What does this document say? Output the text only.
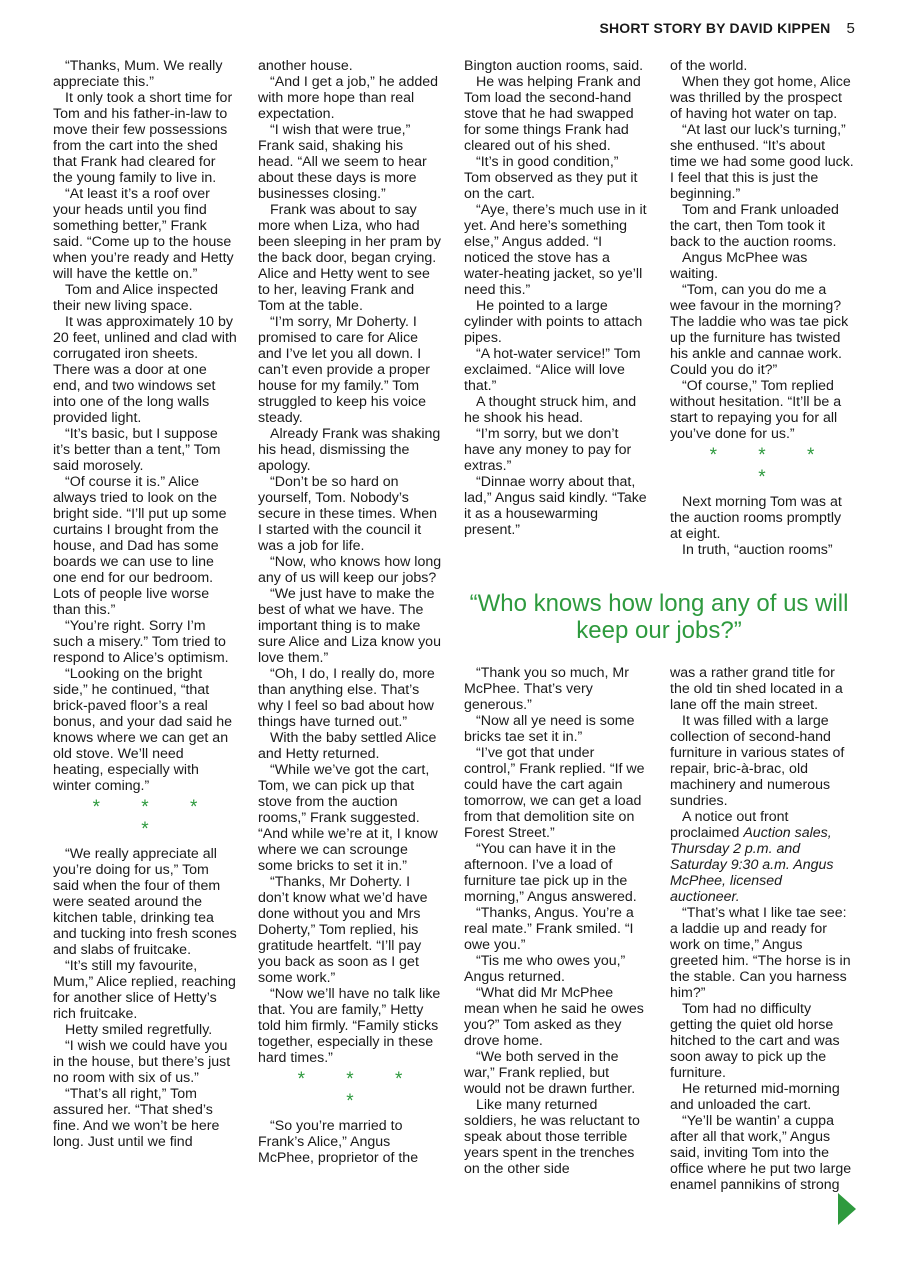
SHORT STORY BY DAVID KIPPEN 5

“Thanks, Mum. We really appreciate this.”

It only took a short time for Tom and his father-in-law to move their few possessions from the cart into the shed that Frank had cleared for the young family to live in.

“At least it’s a roof over your heads until you find something better,” Frank said. “Come up to the house when you’re ready and Hetty will have the kettle on.”

Tom and Alice inspected their new living space.

It was approximately 10 by 20 feet, unlined and clad with corrugated iron sheets. There was a door at one end, and two windows set into one of the long walls provided light.

“It’s basic, but I suppose it’s better than a tent,” Tom said morosely.

“Of course it is.” Alice always tried to look on the bright side. “I’ll put up some curtains I brought from the house, and Dad has some boards we can use to line one end for our bedroom. Lots of people live worse than this.”

“You’re right. Sorry I’m such a misery.” Tom tried to respond to Alice’s optimism.

“Looking on the bright side,” he continued, “that brick-paved floor’s a real bonus, and your dad said he knows where we can get an old stove. We’ll need heating, especially with winter coming.”

* * * *

“We really appreciate all you’re doing for us,” Tom said when the four of them were seated around the kitchen table, drinking tea and tucking into fresh scones and slabs of fruitcake.

“It’s still my favourite, Mum,” Alice replied, reaching for another slice of Hetty’s rich fruitcake.

Hetty smiled regretfully.

“I wish we could have you in the house, but there’s just no room with six of us.”

“That’s all right,” Tom assured her. “That shed’s fine. And we won’t be here long. Just until we find

another house.

“And I get a job,” he added with more hope than real expectation.

“I wish that were true,” Frank said, shaking his head. “All we seem to hear about these days is more businesses closing.”

Frank was about to say more when Liza, who had been sleeping in her pram by the back door, began crying. Alice and Hetty went to see to her, leaving Frank and Tom at the table.

“I’m sorry, Mr Doherty. I promised to care for Alice and I’ve let you all down. I can’t even provide a proper house for my family.” Tom struggled to keep his voice steady.

Already Frank was shaking his head, dismissing the apology.

“Don’t be so hard on yourself, Tom. Nobody’s secure in these times. When I started with the council it was a job for life.

“Now, who knows how long any of us will keep our jobs?

“We just have to make the best of what we have. The important thing is to make sure Alice and Liza know you love them.”

“Oh, I do, I really do, more than anything else. That’s why I feel so bad about how things have turned out.”

With the baby settled Alice and Hetty returned.

“While we’ve got the cart, Tom, we can pick up that stove from the auction rooms,” Frank suggested. “And while we’re at it, I know where we can scrounge some bricks to set it in.”

“Thanks, Mr Doherty. I don’t know what we’d have done without you and Mrs Doherty,” Tom replied, his gratitude heartfelt. “I’ll pay you back as soon as I get some work.”

“Now we’ll have no talk like that. You are family,” Hetty told him firmly. “Family sticks together, especially in these hard times.”

* * * *

“So you’re married to Frank’s Alice,” Angus McPhee, proprietor of the

Bington auction rooms, said.

He was helping Frank and Tom load the second-hand stove that he had swapped for some things Frank had cleared out of his shed.

“It’s in good condition,” Tom observed as they put it on the cart.

“Aye, there’s much use in it yet. And here’s something else,” Angus added. “I noticed the stove has a water-heating jacket, so ye’ll need this.”

He pointed to a large cylinder with points to attach pipes.

“A hot-water service!” Tom exclaimed. “Alice will love that.”

A thought struck him, and he shook his head.

“I’m sorry, but we don’t have any money to pay for extras.”

“Dinnae worry about that, lad,” Angus said kindly. “Take it as a housewarming present.”

of the world.

When they got home, Alice was thrilled by the prospect of having hot water on tap.

“At last our luck’s turning,” she enthused. “It’s about time we had some good luck. I feel that this is just the beginning.”

Tom and Frank unloaded the cart, then Tom took it back to the auction rooms.

Angus McPhee was waiting.

“Tom, can you do me a wee favour in the morning? The laddie who was tae pick up the furniture has twisted his ankle and cannae work. Could you do it?”

“Of course,” Tom replied without hesitation. “It’ll be a start to repaying you for all you’ve done for us.”

* * * *

Next morning Tom was at the auction rooms promptly at eight.

In truth, “auction rooms”

“Who knows how long any of us will keep our jobs?”

“Thank you so much, Mr McPhee. That’s very generous.”

“Now all ye need is some bricks tae set it in.”

“I’ve got that under control,” Frank replied. “If we could have the cart again tomorrow, we can get a load from that demolition site on Forest Street.”

“You can have it in the afternoon. I’ve a load of furniture tae pick up in the morning,” Angus answered.

“Thanks, Angus. You’re a real mate.” Frank smiled. “I owe you.”

“Tis me who owes you,” Angus returned.

“What did Mr McPhee mean when he said he owes you?” Tom asked as they drove home.

“We both served in the war,” Frank replied, but would not be drawn further.

Like many returned soldiers, he was reluctant to speak about those terrible years spent in the trenches on the other side

was a rather grand title for the old tin shed located in a lane off the main street.

It was filled with a large collection of second-hand furniture in various states of repair, bric-à-brac, old machinery and numerous sundries.

A notice out front proclaimed Auction sales, Thursday 2 p.m. and Saturday 9:30 a.m. Angus McPhee, licensed auctioneer.

“That’s what I like tae see: a laddie up and ready for work on time,” Angus greeted him. “The horse is in the stable. Can you harness him?”

Tom had no difficulty getting the quiet old horse hitched to the cart and was soon away to pick up the furniture.

He returned mid-morning and unloaded the cart.

“Ye’ll be wantin’ a cuppa after all that work,” Angus said, inviting Tom into the office where he put two large enamel pannikins of strong
